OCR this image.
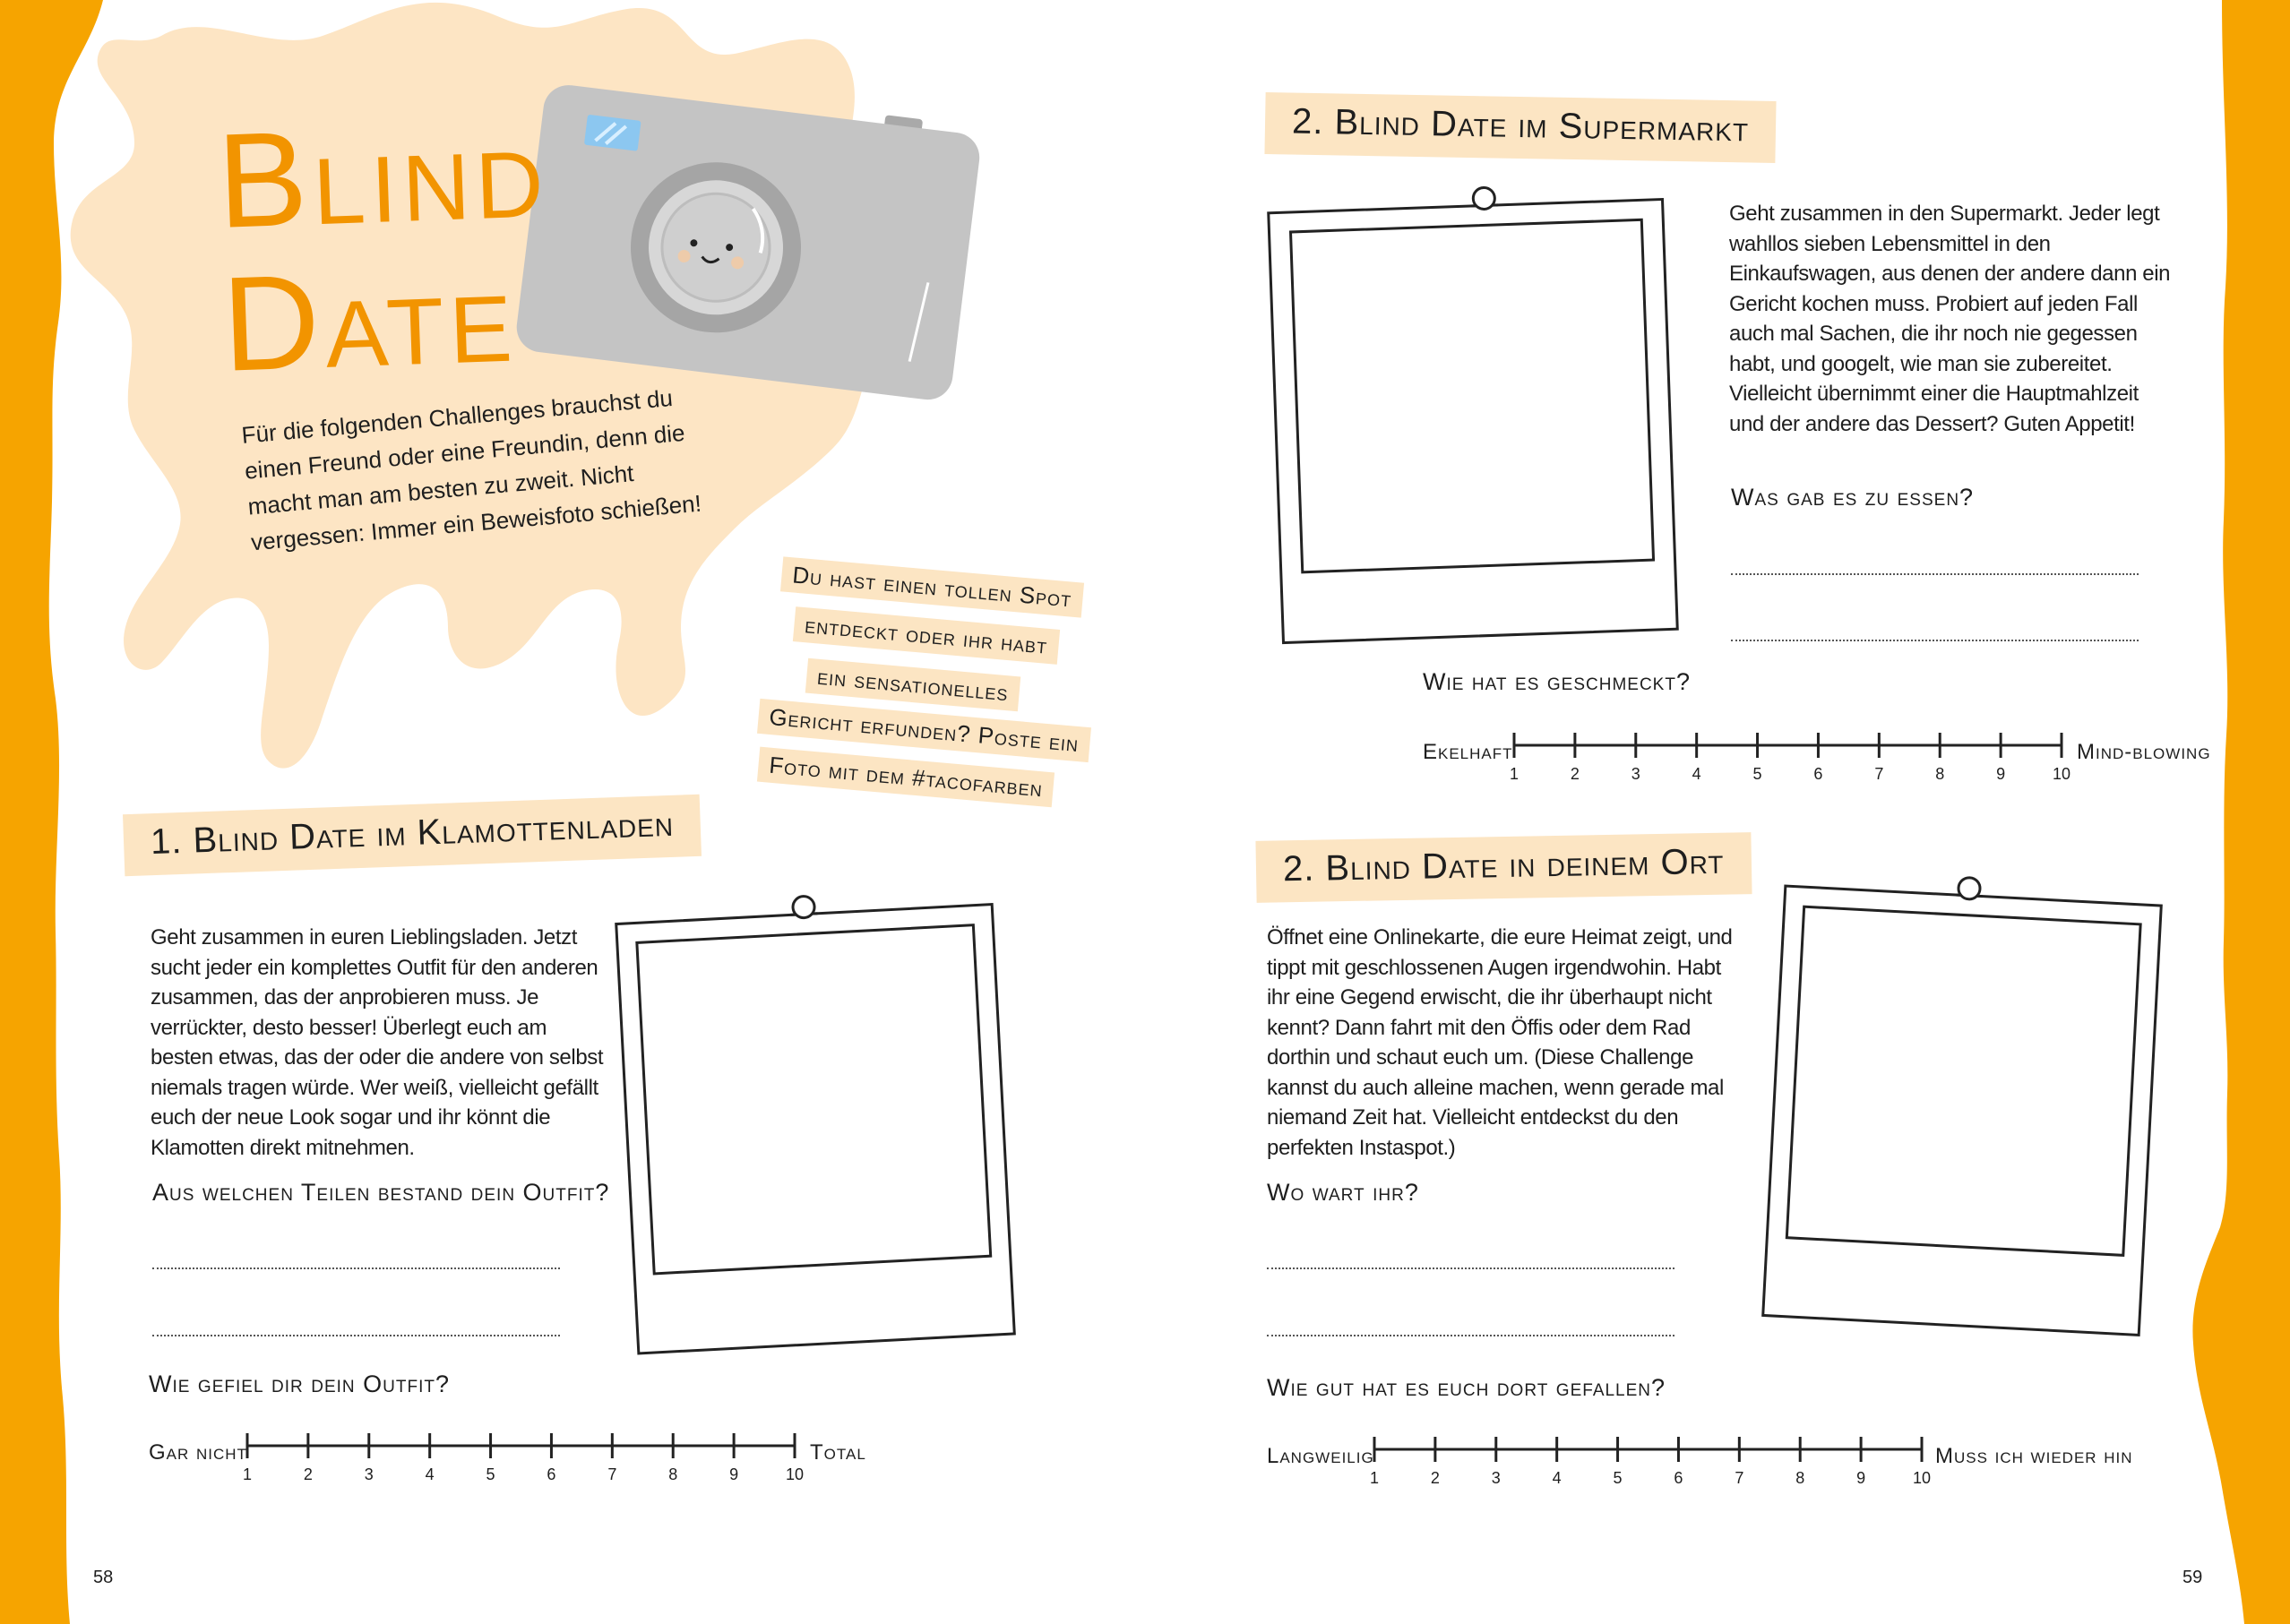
Blind Date
Für die folgenden Challenges brauchst du einen Freund oder eine Freundin, denn die macht man am besten zu zweit. Nicht vergessen: Immer ein Beweisfoto schießen!
Du hast einen tollen Spot
entdeckt oder ihr habt
ein sensationelles
Gericht erfunden? Poste ein
Foto mit dem #tacofarben
1. Blind Date im Klamottenladen
Geht zusammen in euren Lieblingsladen. Jetzt sucht jeder ein komplettes Outfit für den anderen zusammen, das der anprobieren muss. Je verrückter, desto besser! Überlegt euch am besten etwas, das der oder die andere von selbst niemals tragen würde. Wer weiß, vielleicht gefällt euch der neue Look sogar und ihr könnt die Klamotten direkt mitnehmen.
Aus welchen Teilen bestand dein Outfit?
Wie gefiel dir dein Outfit?
Gar nicht	Total
1	2	3	4	5	6	7	8	9	10
58
2. Blind Date im Supermarkt
Geht zusammen in den Supermarkt. Jeder legt wahllos sieben Lebensmittel in den Einkaufswagen, aus denen der andere dann ein Gericht kochen muss. Probiert auf jeden Fall auch mal Sachen, die ihr noch nie gegessen habt, und googelt, wie man sie zubereitet. Vielleicht übernimmt einer die Hauptmahlzeit und der andere das Dessert? Guten Appetit!
Was gab es zu essen?
Wie hat es geschmeckt?
Ekelhaft	Mind-blowing
1	2	3	4	5	6	7	8	9	10
2. Blind Date in deinem Ort
Öffnet eine Onlinekarte, die eure Heimat zeigt, und tippt mit geschlossenen Augen irgendwohin. Habt ihr eine Gegend erwischt, die ihr überhaupt nicht kennt? Dann fahrt mit den Öffis oder dem Rad dorthin und schaut euch um. (Diese Challenge kannst du auch alleine machen, wenn gerade mal niemand Zeit hat. Vielleicht entdeckst du den perfekten Instaspot.)
Wo wart ihr?
Wie gut hat es euch dort gefallen?
Langweilig	Muss ich wieder hin
1	2	3	4	5	6	7	8	9	10
59
